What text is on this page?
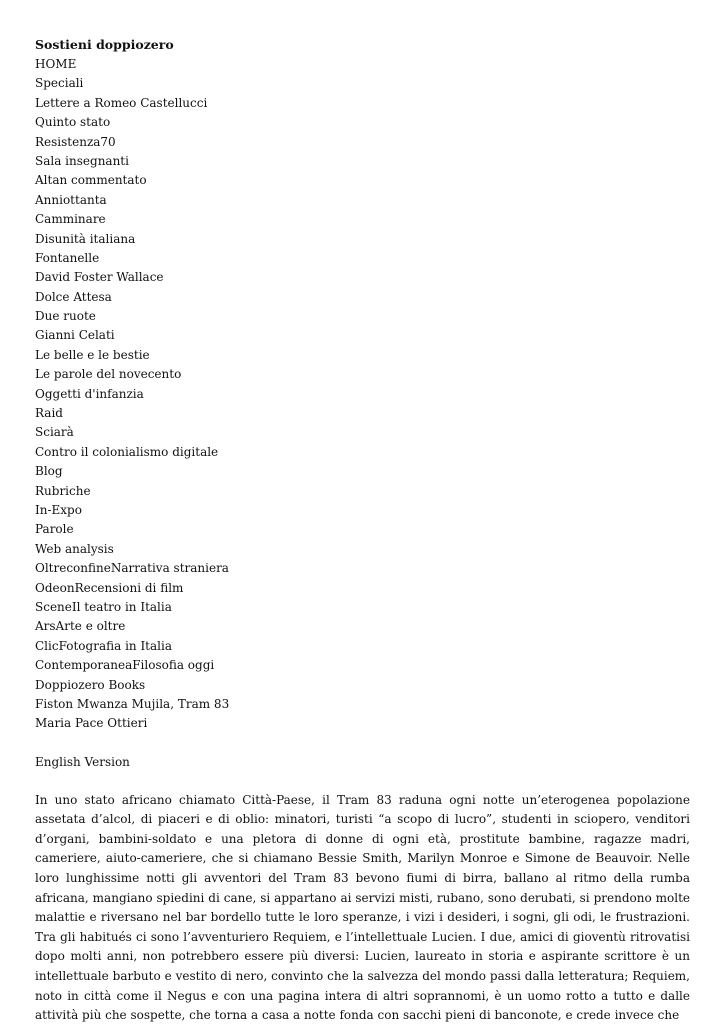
Sostieni doppiozero
HOME
Speciali
Lettere a Romeo Castellucci
Quinto stato
Resistenza70
Sala insegnanti
Altan commentato
Anniottanta
Camminare
Disunità italiana
Fontanelle
David Foster Wallace
Dolce Attesa
Due ruote
Gianni Celati
Le belle e le bestie
Le parole del novecento
Oggetti d'infanzia
Raid
Sciarà
Contro il colonialismo digitale
Blog
Rubriche
In-Expo
Parole
Web analysis
OltreconfineNarrativa straniera
OdeonRecensioni di film
SceneIl teatro in Italia
ArsArte e oltre
ClicFotografia in Italia
ContemporaneaFilosofia oggi
Doppiozero Books
Fiston Mwanza Mujila, Tram 83
Maria Pace Ottieri
English Version
In uno stato africano chiamato Città-Paese, il Tram 83 raduna ogni notte un’eterogenea popolazione assetata d’alcol, di piaceri e di oblio: minatori, turisti “a scopo di lucro”, studenti in sciopero, venditori d’organi, bambini-soldato e una pletora di donne di ogni età, prostitute bambine, ragazze madri, cameriere, aiuto-cameriere, che si chiamano Bessie Smith, Marilyn Monroe e Simone de Beauvoir. Nelle loro lunghissime notti gli avventori del Tram 83 bevono fiumi di birra, ballano al ritmo della rumba africana, mangiano spiedini di cane, si appartano ai servizi misti, rubano, sono derubati, si prendono molte malattie e riversano nel bar bordello tutte le loro speranze, i vizi i desideri, i sogni, gli odi, le frustrazioni. Tra gli habitués ci sono l’avventuriero Requiem, e l’intellettuale Lucien. I due, amici di gioventù ritrovatisi dopo molti anni, non potrebbero essere più diversi: Lucien, laureato in storia e aspirante scrittore è un intellettuale barbuto e vestito di nero, convinto che la salvezza del mondo passi dalla letteratura; Requiem, noto in città come il Negus e con una pagina intera di altri soprannomi, è un uomo rotto a tutto e dalle attività più che sospette, che torna a casa a notte fonda con sacchi pieni di banconote, e crede invece che
